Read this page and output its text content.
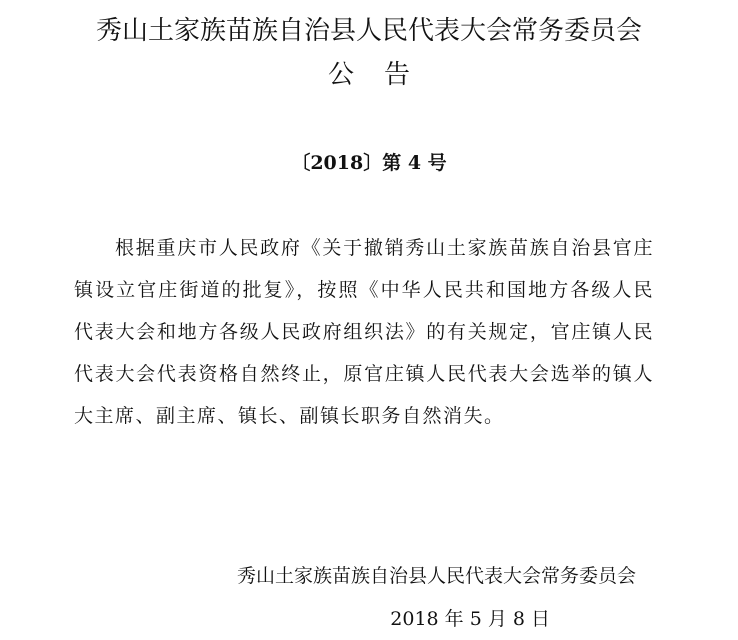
秀山土家族苗族自治县人民代表大会常务委员会
公告
〔2018〕第 4 号

根据重庆市人民政府《关于撤销秀山土家族苗族自治县官庄镇设立官庄街道的批复》，按照《中华人民共和国地方各级人民代表大会和地方各级人民政府组织法》的有关规定，官庄镇人民代表大会代表资格自然终止，原官庄镇人民代表大会选举的镇人大主席、副主席、镇长、副镇长职务自然消失。

秀山土家族苗族自治县人民代表大会常务委员会
2018 年 5 月 8 日
